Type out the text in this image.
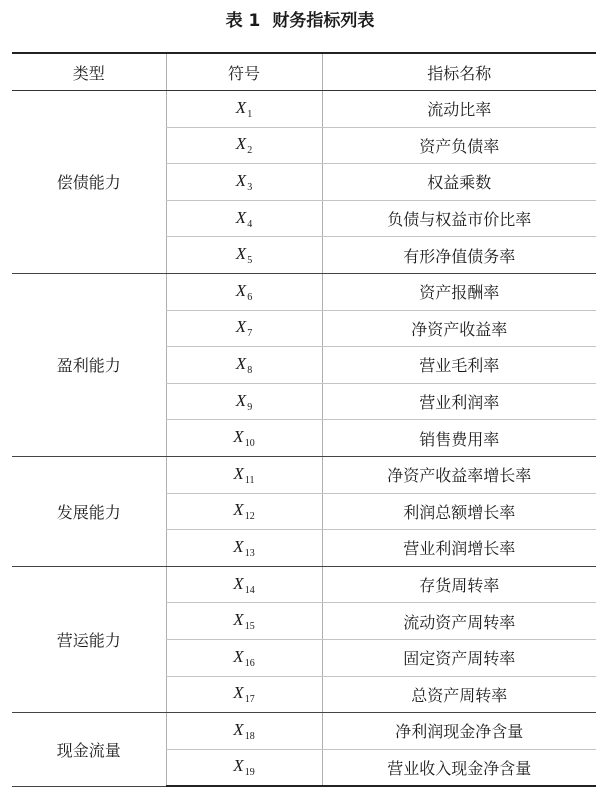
表 1 财务指标列表
类型	符号	指标名称
偿债能力	$X_1$	流动比率
	$X_2$	资产负债率
	$X_3$	权益乘数
	$X_4$	负债与权益市价比率
	$X_5$	有形净值债务率
盈利能力	$X_6$	资产报酬率
	$X_7$	净资产收益率
	$X_8$	营业毛利率
	$X_9$	营业利润率
	$X_{10}$	销售费用率
发展能力	$X_{11}$	净资产收益率增长率
	$X_{12}$	利润总额增长率
	$X_{13}$	营业利润增长率
营运能力	$X_{14}$	存货周转率
	$X_{15}$	流动资产周转率
	$X_{16}$	固定资产周转率
	$X_{17}$	总资产周转率
现金流量	$X_{18}$	净利润现金净含量
	$X_{19}$	营业收入现金净含量
